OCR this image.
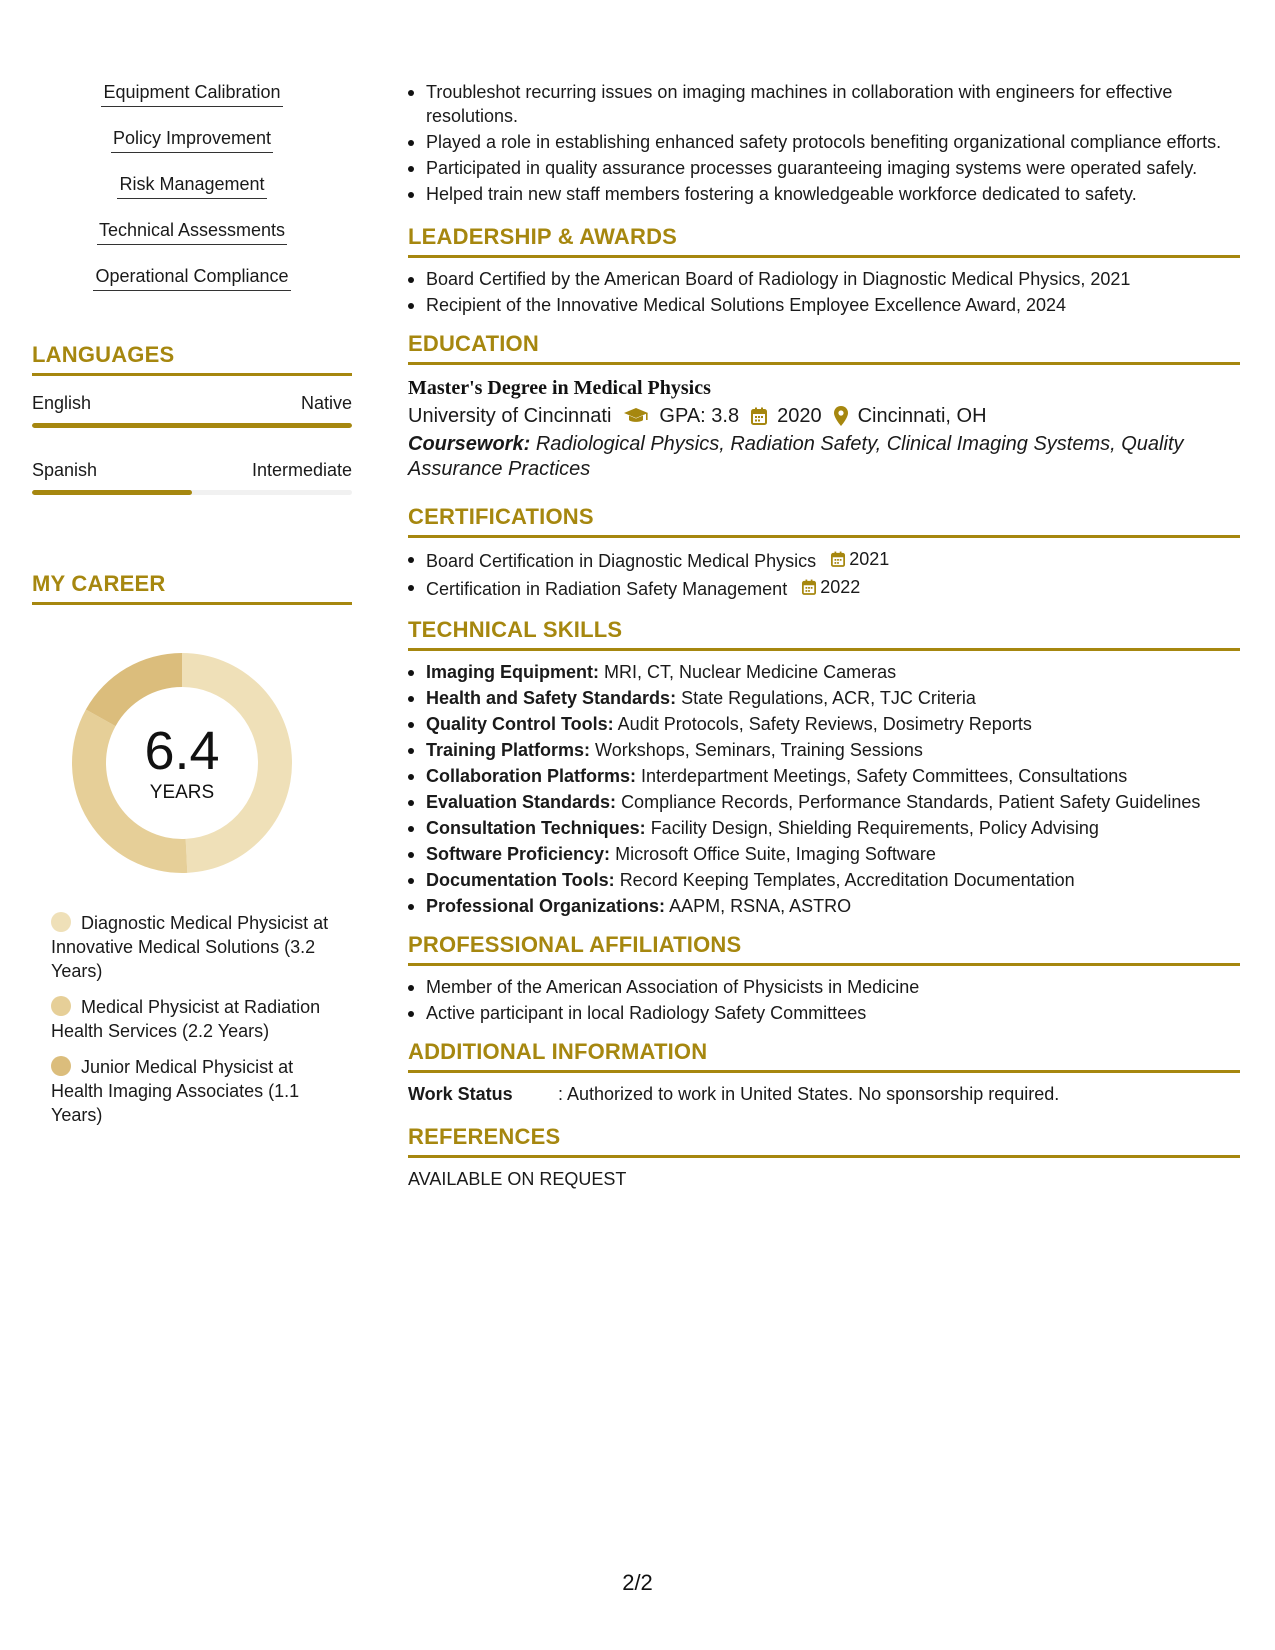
Equipment Calibration
Policy Improvement
Risk Management
Technical Assessments
Operational Compliance
LANGUAGES
English	Native
Spanish	Intermediate
MY CAREER
6.4
YEARS
Diagnostic Medical Physicist at Innovative Medical Solutions (3.2 Years)
Medical Physicist at Radiation Health Services (2.2 Years)
Junior Medical Physicist at Health Imaging Associates (1.1 Years)
Troubleshot recurring issues on imaging machines in collaboration with engineers for effective resolutions.
Played a role in establishing enhanced safety protocols benefiting organizational compliance efforts.
Participated in quality assurance processes guaranteeing imaging systems were operated safely.
Helped train new staff members fostering a knowledgeable workforce dedicated to safety.
LEADERSHIP & AWARDS
Board Certified by the American Board of Radiology in Diagnostic Medical Physics, 2021
Recipient of the Innovative Medical Solutions Employee Excellence Award, 2024
EDUCATION
Master's Degree in Medical Physics
University of Cincinnati GPA: 3.8 2020 Cincinnati, OH
Coursework: Radiological Physics, Radiation Safety, Clinical Imaging Systems, Quality Assurance Practices
CERTIFICATIONS
Board Certification in Diagnostic Medical Physics 2021
Certification in Radiation Safety Management 2022
TECHNICAL SKILLS
Imaging Equipment: MRI, CT, Nuclear Medicine Cameras
Health and Safety Standards: State Regulations, ACR, TJC Criteria
Quality Control Tools: Audit Protocols, Safety Reviews, Dosimetry Reports
Training Platforms: Workshops, Seminars, Training Sessions
Collaboration Platforms: Interdepartment Meetings, Safety Committees, Consultations
Evaluation Standards: Compliance Records, Performance Standards, Patient Safety Guidelines
Consultation Techniques: Facility Design, Shielding Requirements, Policy Advising
Software Proficiency: Microsoft Office Suite, Imaging Software
Documentation Tools: Record Keeping Templates, Accreditation Documentation
Professional Organizations: AAPM, RSNA, ASTRO
PROFESSIONAL AFFILIATIONS
Member of the American Association of Physicists in Medicine
Active participant in local Radiology Safety Committees
ADDITIONAL INFORMATION
Work Status	: Authorized to work in United States. No sponsorship required.
REFERENCES
AVAILABLE ON REQUEST
2/2
